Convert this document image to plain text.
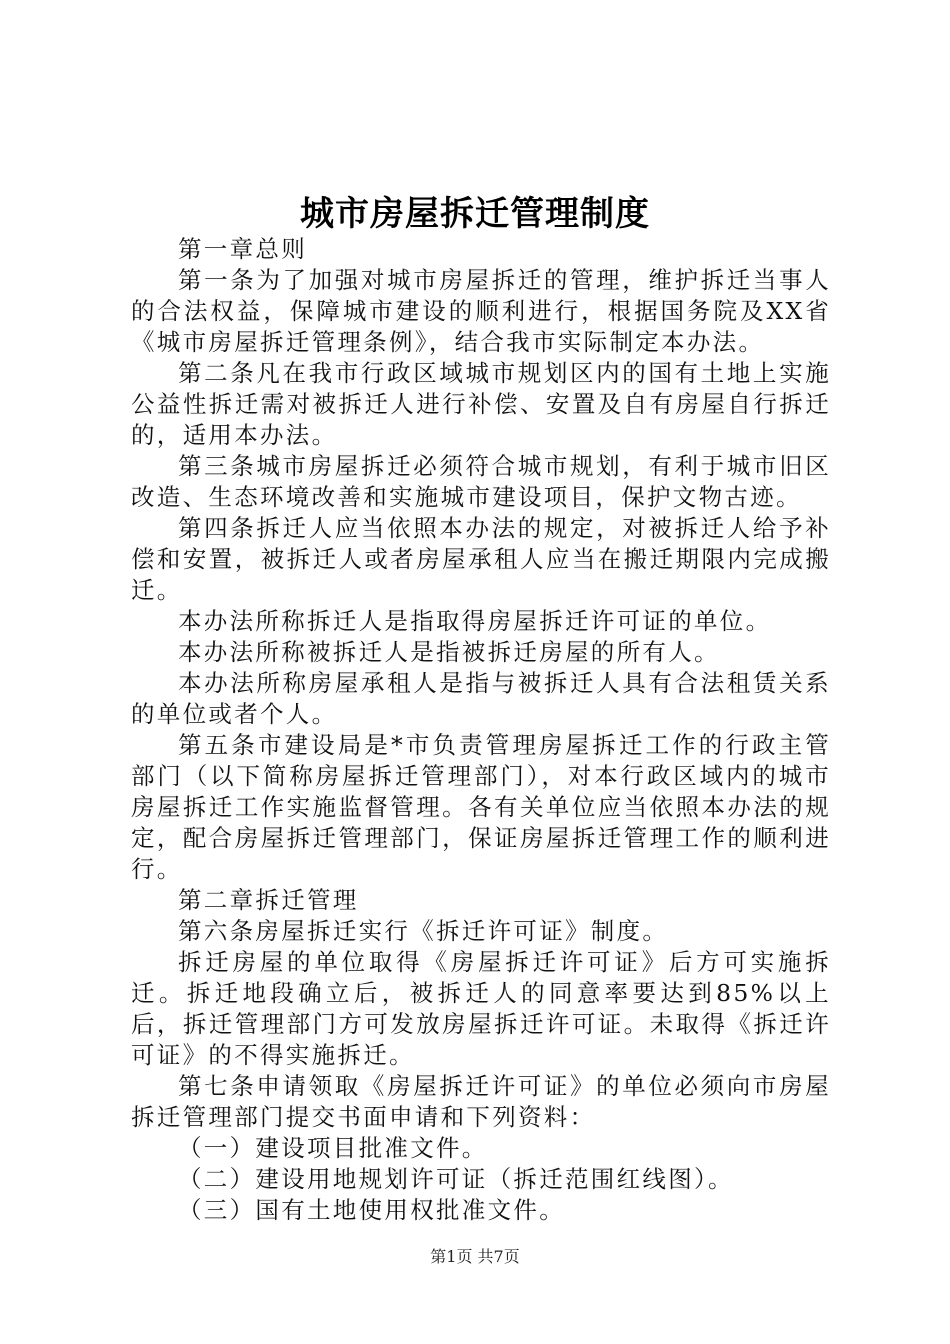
城市房屋拆迁管理制度

第一章总则

第一条为了加强对城市房屋拆迁的管理，维护拆迁当事人的合法权益，保障城市建设的顺利进行，根据国务院及XX省《城市房屋拆迁管理条例》，结合我市实际制定本办法。

第二条凡在我市行政区域城市规划区内的国有土地上实施公益性拆迁需对被拆迁人进行补偿、安置及自有房屋自行拆迁的，适用本办法。

第三条城市房屋拆迁必须符合城市规划，有利于城市旧区改造、生态环境改善和实施城市建设项目，保护文物古迹。

第四条拆迁人应当依照本办法的规定，对被拆迁人给予补偿和安置，被拆迁人或者房屋承租人应当在搬迁期限内完成搬迁。

本办法所称拆迁人是指取得房屋拆迁许可证的单位。

本办法所称被拆迁人是指被拆迁房屋的所有人。

本办法所称房屋承租人是指与被拆迁人具有合法租赁关系的单位或者个人。

第五条市建设局是*市负责管理房屋拆迁工作的行政主管部门（以下简称房屋拆迁管理部门），对本行政区域内的城市房屋拆迁工作实施监督管理。各有关单位应当依照本办法的规定，配合房屋拆迁管理部门，保证房屋拆迁管理工作的顺利进行。

第二章拆迁管理

第六条房屋拆迁实行《拆迁许可证》制度。

拆迁房屋的单位取得《房屋拆迁许可证》后方可实施拆迁。拆迁地段确立后，被拆迁人的同意率要达到85%以上后，拆迁管理部门方可发放房屋拆迁许可证。未取得《拆迁许可证》的不得实施拆迁。

第七条申请领取《房屋拆迁许可证》的单位必须向市房屋拆迁管理部门提交书面申请和下列资料：

（一）建设项目批准文件。

（二）建设用地规划许可证（拆迁范围红线图）。

（三）国有土地使用权批准文件。

第1页 共7页
